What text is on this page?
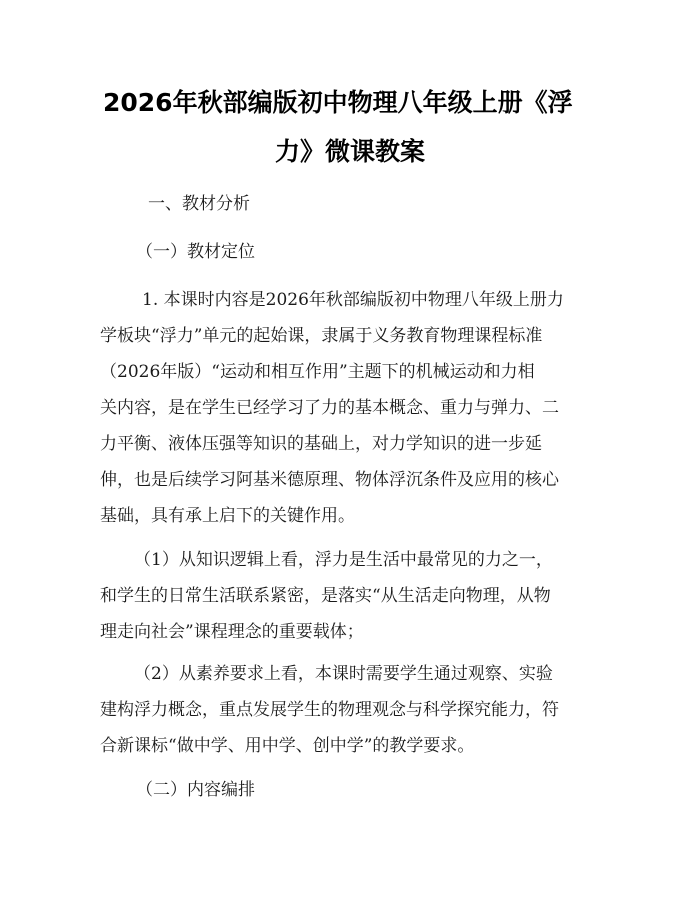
2026年秋部编版初中物理八年级上册《浮
力》微课教案
一、教材分析
（一）教材定位
1. 本课时内容是2026年秋部编版初中物理八年级上册力
学板块“浮力”单元的起始课，隶属于义务教育物理课程标准
（2026年版）“运动和相互作用”主题下的机械运动和力相
关内容，是在学生已经学习了力的基本概念、重力与弹力、二
力平衡、液体压强等知识的基础上，对力学知识的进一步延
伸，也是后续学习阿基米德原理、物体浮沉条件及应用的核心
基础，具有承上启下的关键作用。
（1）从知识逻辑上看，浮力是生活中最常见的力之一，
和学生的日常生活联系紧密，是落实“从生活走向物理，从物
理走向社会”课程理念的重要载体；
（2）从素养要求上看，本课时需要学生通过观察、实验
建构浮力概念，重点发展学生的物理观念与科学探究能力，符
合新课标“做中学、用中学、创中学”的教学要求。
（二）内容编排
